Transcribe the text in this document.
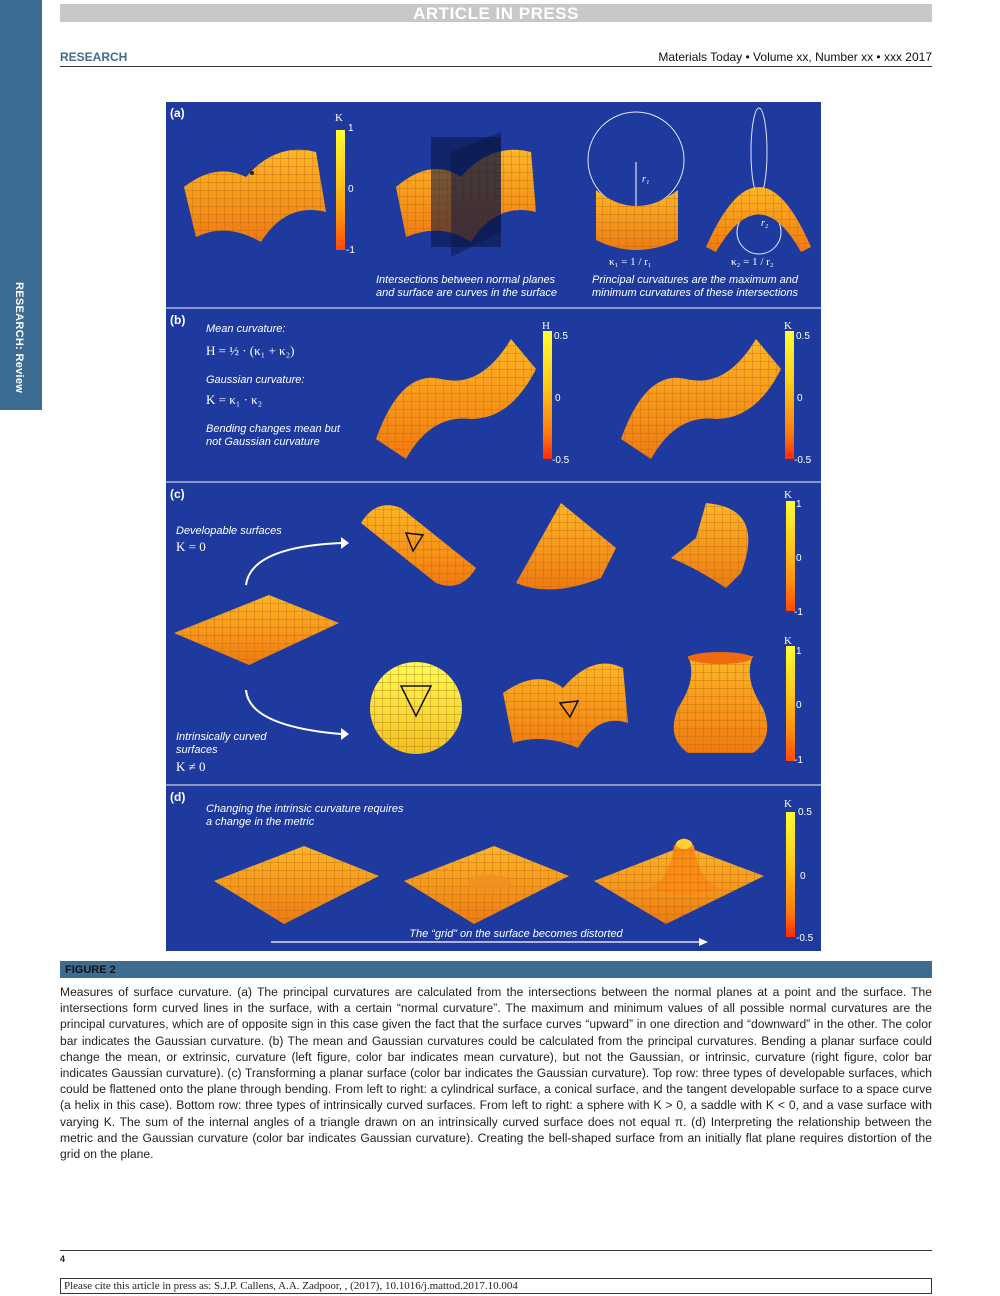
ARTICLE IN PRESS
RESEARCH: Review
RESEARCH	Materials Today • Volume xx, Number xx • xxx 2017
(a)	K
1
0
-1
Intersections between normal planes and surface are curves in the surface
r₁
r₂
κ₁ = 1 / r₁	κ₂ = 1 / r₂
Principal curvatures are the maximum and minimum curvatures of these intersections
(b)
Mean curvature:
H = ½ · (κ₁ + κ₂)
Gaussian curvature:
K = κ₁ · κ₂
Bending changes mean but not Gaussian curvature
H
0.5
0
-0.5
K
0.5
0
-0.5
(c)
Developable surfaces
K = 0
Intrinsically curved surfaces
K ≠ 0
K
1
0
-1
K
1
0
-1
(d)
Changing the intrinsic curvature requires a change in the metric
The “grid” on the surface becomes distorted
K
0.5
0
-0.5
FIGURE 2
Measures of surface curvature. (a) The principal curvatures are calculated from the intersections between the normal planes at a point and the surface. The intersections form curved lines in the surface, with a certain “normal curvature”. The maximum and minimum values of all possible normal curvatures are the principal curvatures, which are of opposite sign in this case given the fact that the surface curves “upward” in one direction and “downward” in the other. The color bar indicates the Gaussian curvature. (b) The mean and Gaussian curvatures could be calculated from the principal curvatures. Bending a planar surface could change the mean, or extrinsic, curvature (left figure, color bar indicates mean curvature), but not the Gaussian, or intrinsic, curvature (right figure, color bar indicates Gaussian curvature). (c) Transforming a planar surface (color bar indicates the Gaussian curvature). Top row: three types of developable surfaces, which could be flattened onto the plane through bending. From left to right: a cylindrical surface, a conical surface, and the tangent developable surface to a space curve (a helix in this case). Bottom row: three types of intrinsically curved surfaces. From left to right: a sphere with K > 0, a saddle with K < 0, and a vase surface with varying K. The sum of the internal angles of a triangle drawn on an intrinsically curved surface does not equal π. (d) Interpreting the relationship between the metric and the Gaussian curvature (color bar indicates Gaussian curvature). Creating the bell-shaped surface from an initially flat plane requires distortion of the grid on the plane.
4
Please cite this article in press as: S.J.P. Callens, A.A. Zadpoor, , (2017), 10.1016/j.mattod.2017.10.004
